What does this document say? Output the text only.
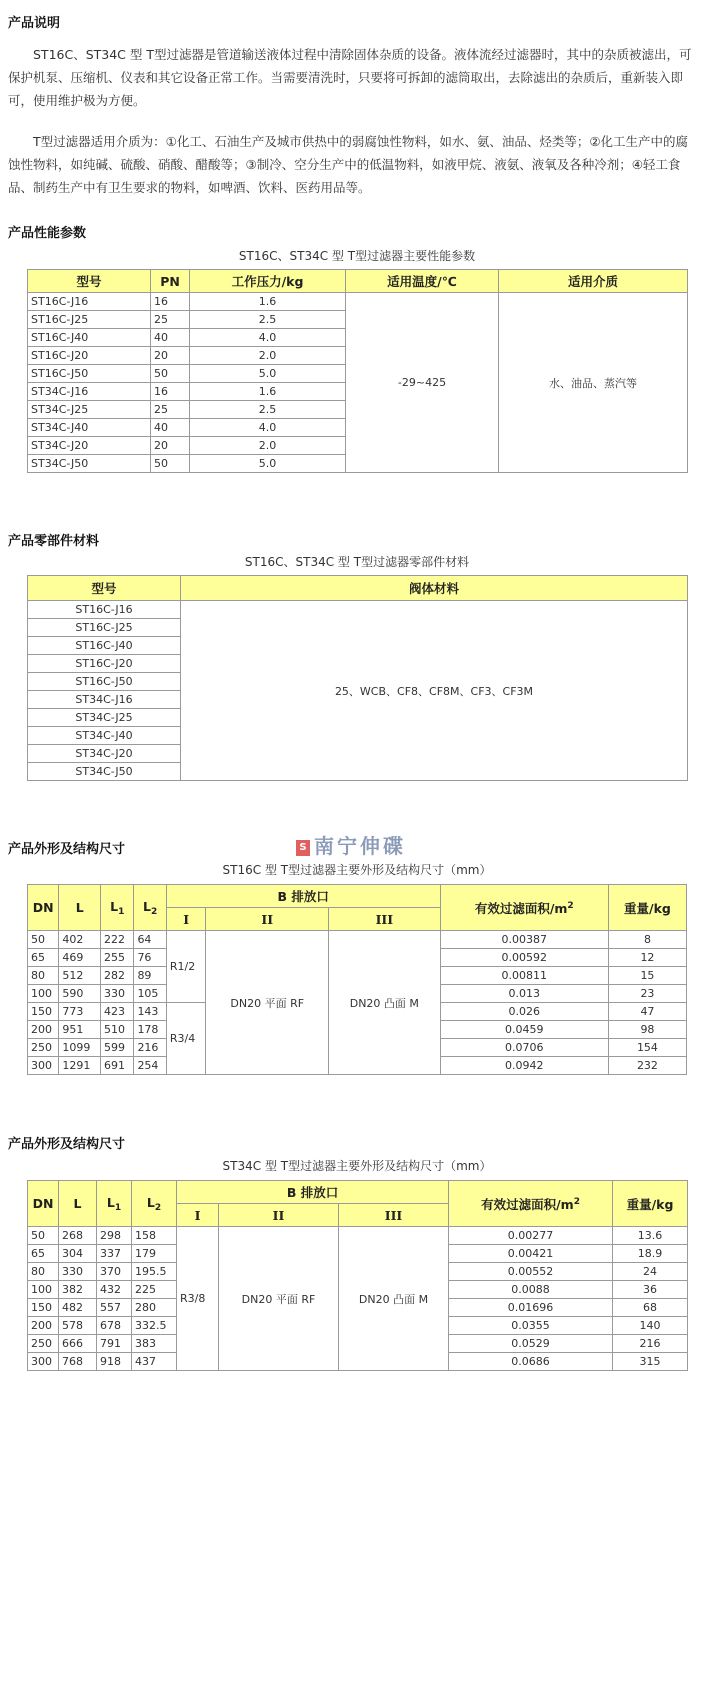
产品说明

ST16C、ST34C 型 T型过滤器是管道输送液体过程中清除固体杂质的设备。液体流经过滤器时，其中的杂质被滤出，可保护机泵、压缩机、仪表和其它设备正常工作。当需要清洗时，只要将可拆卸的滤筒取出，去除滤出的杂质后，重新装入即可，使用维护极为方便。

T型过滤器适用介质为：①化工、石油生产及城市供热中的弱腐蚀性物料，如水、氨、油品、烃类等；②化工生产中的腐蚀性物料，如纯碱、硫酸、硝酸、醋酸等；③制冷、空分生产中的低温物料，如液甲烷、液氨、液氧及各种冷剂；④轻工食品、制药生产中有卫生要求的物料，如啤酒、饮料、医药用品等。

产品性能参数

ST16C、ST34C 型 T型过滤器主要性能参数

型号	PN	工作压力/kg	适用温度/℃	适用介质
ST16C-J16	16	1.6	-29~425	水、油品、蒸汽等
ST16C-J25	25	2.5		
ST16C-J40	40	4.0		
ST16C-J20	20	2.0		
ST16C-J50	50	5.0		
ST34C-J16	16	1.6		
ST34C-J25	25	2.5		
ST34C-J40	40	4.0		
ST34C-J20	20	2.0		
ST34C-J50	50	5.0		
产品零部件材料

ST16C、ST34C 型 T型过滤器零部件材料

型号	阀体材料
ST16C-J16	25、WCB、CF8、CF8M、CF3、CF3M
ST16C-J25	
ST16C-J40	
ST16C-J20	
ST16C-J50	
ST34C-J16	
ST34C-J25	
ST34C-J40	
ST34C-J20	
ST34C-J50	
产品外形及结构尺寸	S 南宁伸碟

ST16C 型 T型过滤器主要外形及结构尺寸（mm）

DN	L	$L_1$	$L_2$	B 排放口			有效过滤面积$/m^2$	重量/kg
				I	II	III		
50	402	222	64	R1/2	DN20 平面 RF	DN20 凸面 M	0.00387	8
65	469	255	76				0.00592	12
80	512	282	89				0.00811	15
100	590	330	105				0.013	23
150	773	423	143	R3/4			0.026	47
200	951	510	178				0.0459	98
250	1099	599	216				0.0706	154
300	1291	691	254				0.0942	232
产品外形及结构尺寸

ST34C 型 T型过滤器主要外形及结构尺寸（mm）

DN	L	$L_1$	$L_2$	B 排放口			有效过滤面积$/m^2$	重量/kg
				I	II	III		
50	268	298	158	R3/8	DN20 平面 RF	DN20 凸面 M	0.00277	13.6
65	304	337	179				0.00421	18.9
80	330	370	195.5				0.00552	24
100	382	432	225				0.0088	36
150	482	557	280				0.01696	68
200	578	678	332.5				0.0355	140
250	666	791	383				0.0529	216
300	768	918	437				0.0686	315
